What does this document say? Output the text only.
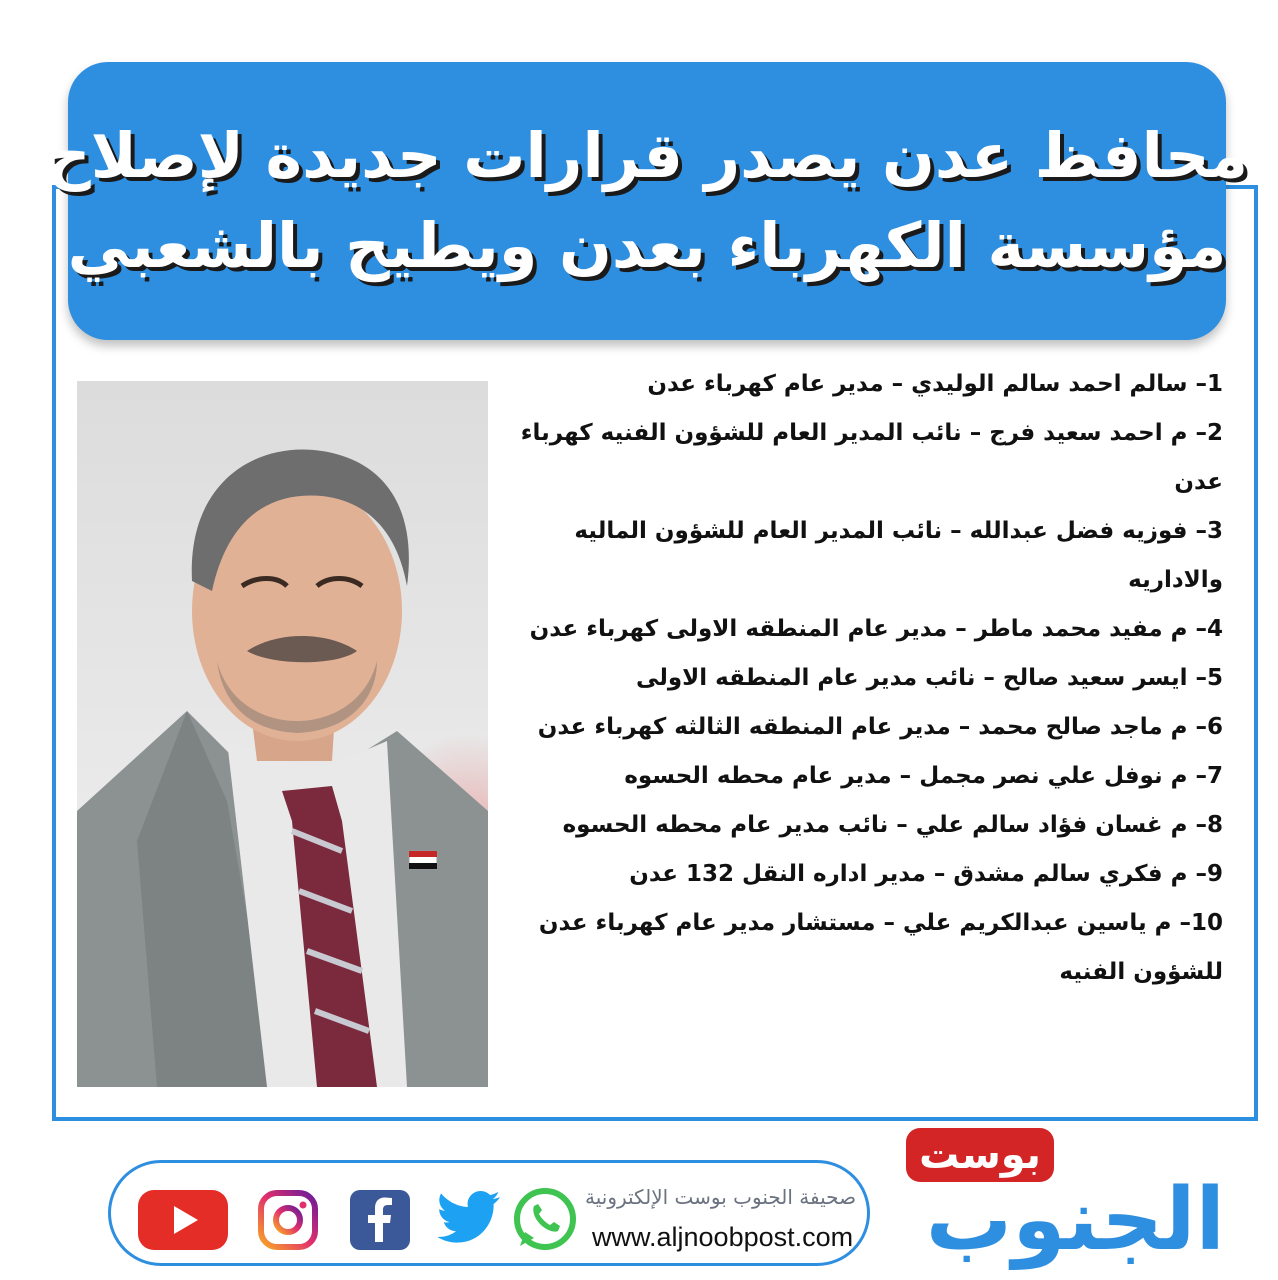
محافظ عدن يصدر قرارات جديدة لإصلاح
مؤسسة الكهرباء بعدن ويطيح بالشعبي
1– سالم احمد سالم الوليدي – مدير عام كهرباء عدن
2– م احمد سعيد فرج – نائب المدير العام للشؤون الفنيه كهرباء عدن
3– فوزيه فضل عبدالله – نائب المدير العام للشؤون الماليه والاداريه
4– م مفيد محمد ماطر – مدير عام المنطقه الاولى كهرباء عدن
5– ايسر سعيد صالح – نائب مدير عام المنطقه الاولى
6– م ماجد صالح محمد – مدير عام المنطقه الثالثه كهرباء عدن
7– م نوفل علي نصر مجمل – مدير عام محطه الحسوه
8– م غسان فؤاد سالم علي – نائب مدير عام محطه الحسوه
9– م فكري سالم مشدق – مدير اداره النقل 132 عدن
10– م ياسين عبدالكريم علي – مستشار مدير عام كهرباء عدن للشؤون الفنيه
صحيفة الجنوب بوست الإلكترونية
www.aljnoobpost.com
بوست
الجنوب
